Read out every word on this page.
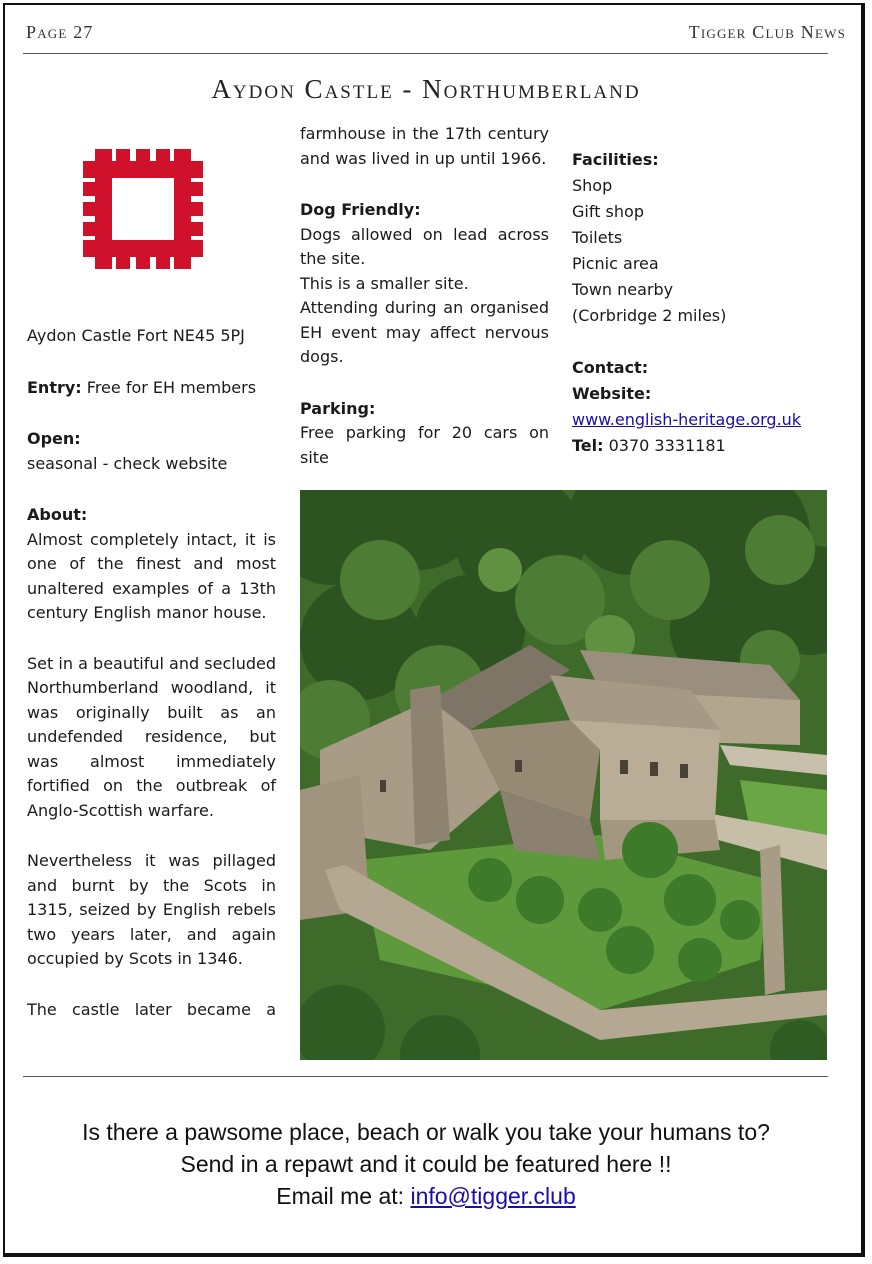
Page 27	Tigger Club News
Aydon Castle - Northumberland

Aydon Castle Fort NE45 5PJ

Entry: Free for EH members

Open:

seasonal - check website

About:

Almost completely intact, it is one of the finest and most unaltered examples of a 13th century English manor house.

Set in a beautiful and secluded Northumberland woodland, it was originally built as an undefended residence, but was almost immediately fortified on the outbreak of Anglo-Scottish warfare.

Nevertheless it was pillaged and burnt by the Scots in 1315, seized by English rebels two years later, and again occupied by Scots in 1346.

The castle later became a

farmhouse in the 17th century and was lived in up until 1966.

Dog Friendly:

Dogs allowed on lead across the site.

This is a smaller site.

Attending during an organised EH event may affect nervous dogs.

Parking:

Free parking for 20 cars on site

Facilities:

Shop

Gift shop

Toilets

Picnic area

Town nearby

(Corbridge 2 miles)

Contact:

Website:

www.english-heritage.org.uk

Tel: 0370 3331181

Is there a pawsome place, beach or walk you take your humans to?
Send in a repawt and it could be featured here !!
Email me at: info@tigger.club
